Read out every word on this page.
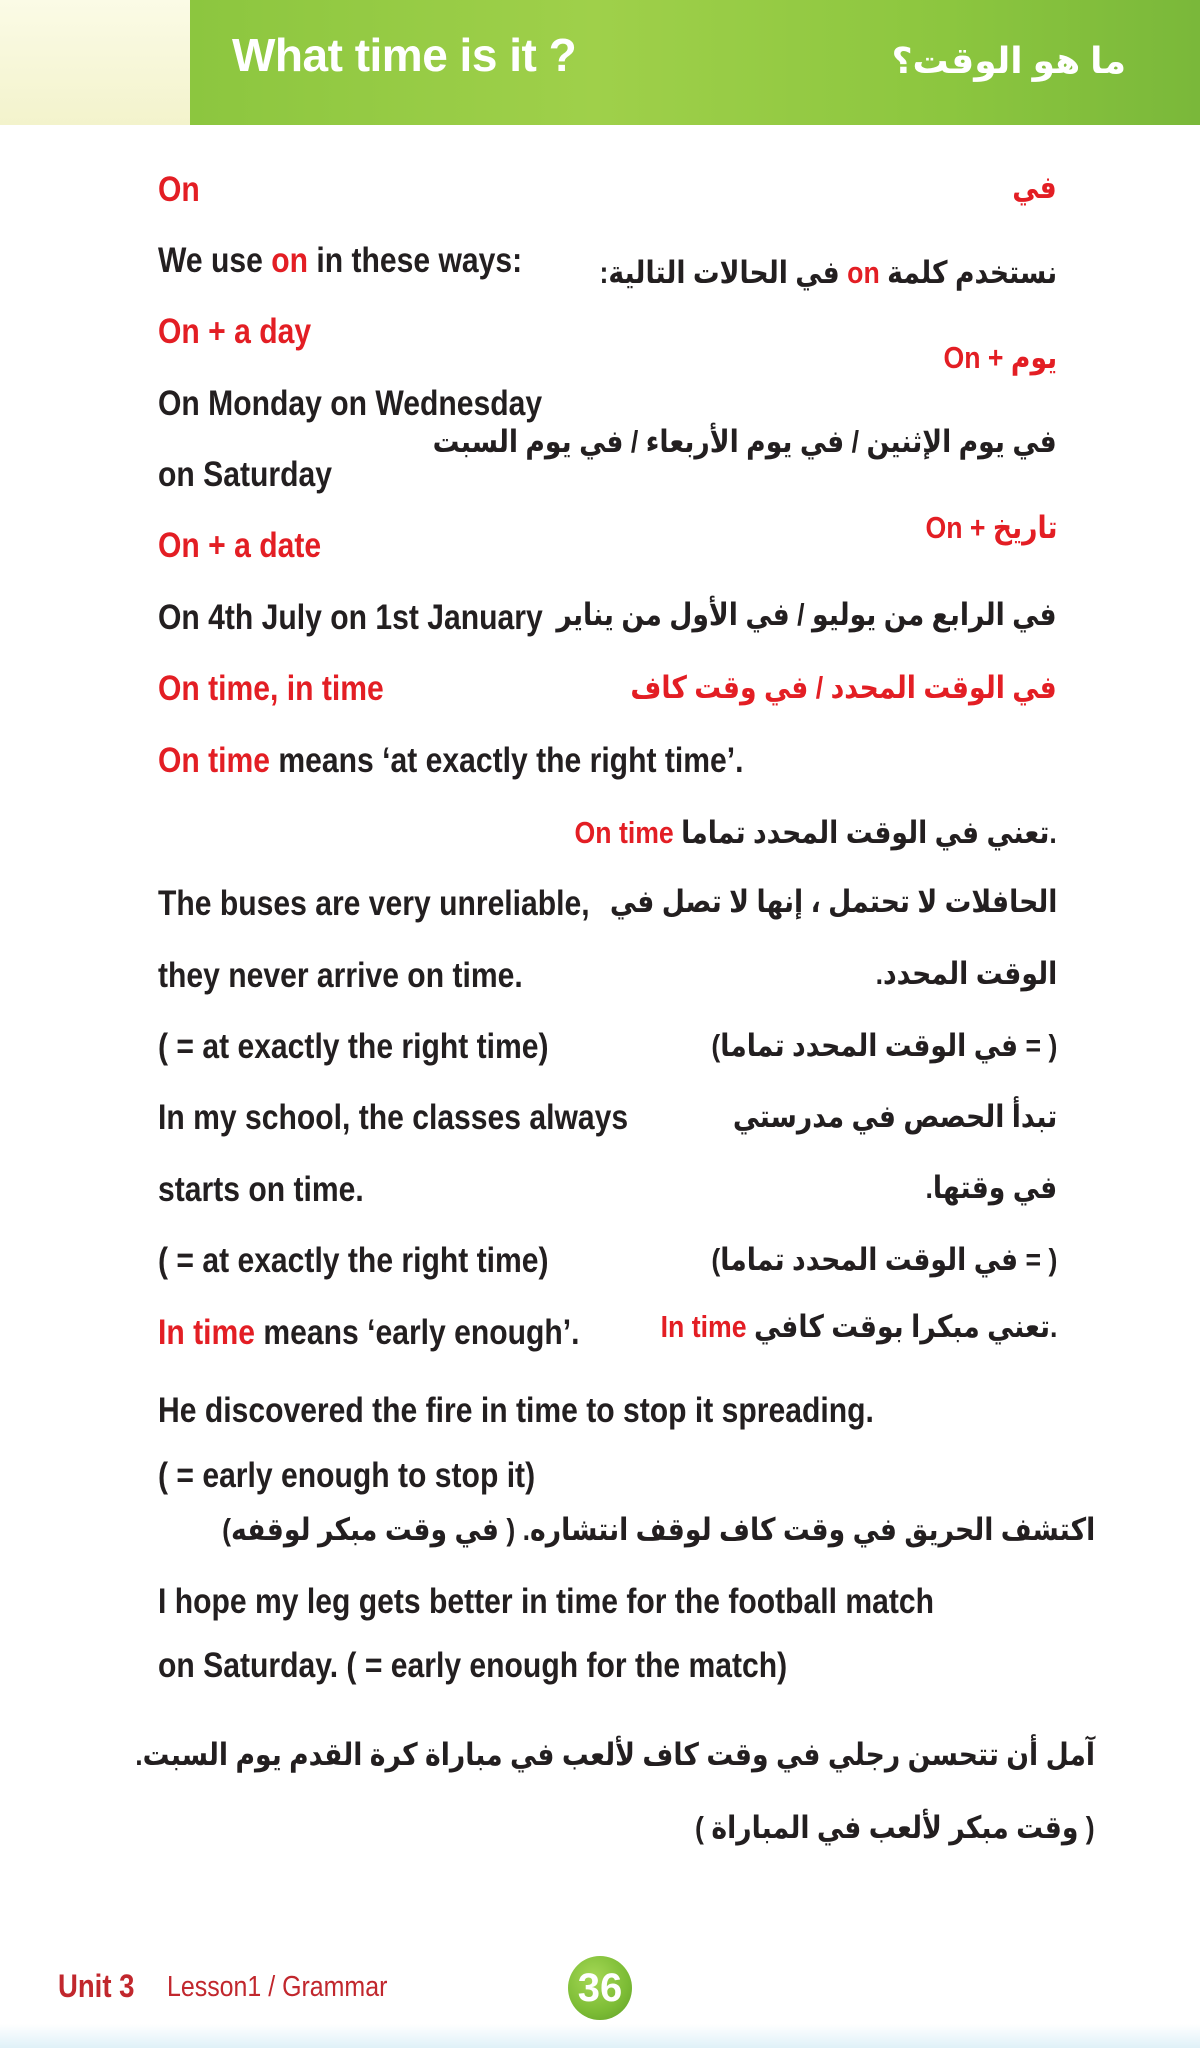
What time is it ?	ما هو الوقت؟
On	في
We use on in these ways:	نستخدم كلمة on في الحالات التالية:
On + a day
On + يوم
On Monday on Wednesday
في يوم الإثنين / في يوم الأربعاء / في يوم السبت
on Saturday
On + a date	On + تاريخ
On 4th July on 1st January في الرابع من يوليو / في الأول من يناير
On time, in time	في الوقت المحدد / في وقت كاف
On time means ‘at exactly the right time’.
On time تعني في الوقت المحدد تماما.
The buses are very unreliable, الحافلات لا تحتمل ، إنها لا تصل في
they never arrive on time.	الوقت المحدد.
( = at exactly the right time)	( = في الوقت المحدد تماما)
In my school, the classes always	تبدأ الحصص في مدرستي
starts on time.	في وقتها.
( = at exactly the right time)	( = في الوقت المحدد تماما)
In time means ‘early enough’.	In time تعني مبكرا بوقت كافي.
He discovered the fire in time to stop it spreading.
( = early enough to stop it)
اكتشف الحريق في وقت كاف لوقف انتشاره. ( في وقت مبكر لوقفه)
I hope my leg gets better in time for the football match
on Saturday. ( = early enough for the match)
آمل أن تتحسن رجلي في وقت كاف لألعب في مباراة كرة القدم يوم السبت.
( وقت مبكر لألعب في المباراة )
Unit 3 Lesson1 / Grammar	36
